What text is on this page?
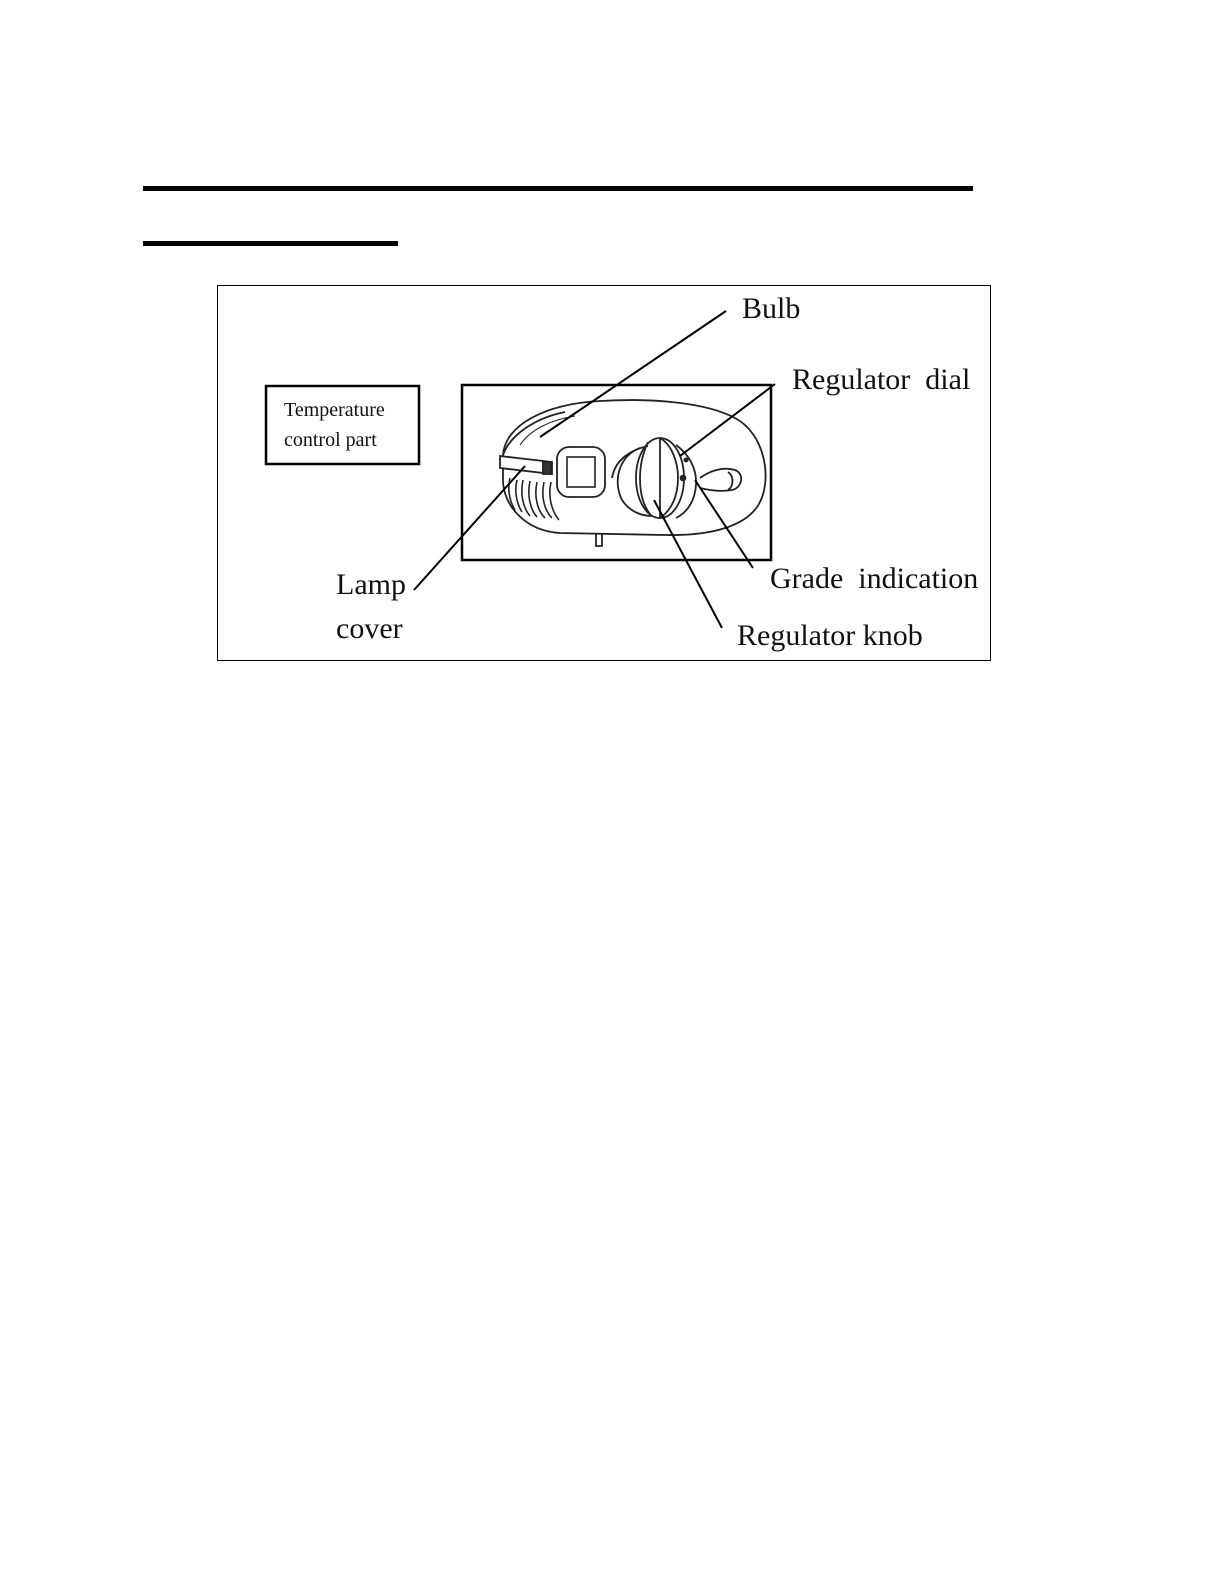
Temperature
control part
Bulb
Regulator  dial
Grade  indication
Regulator knob
Lamp
cover
